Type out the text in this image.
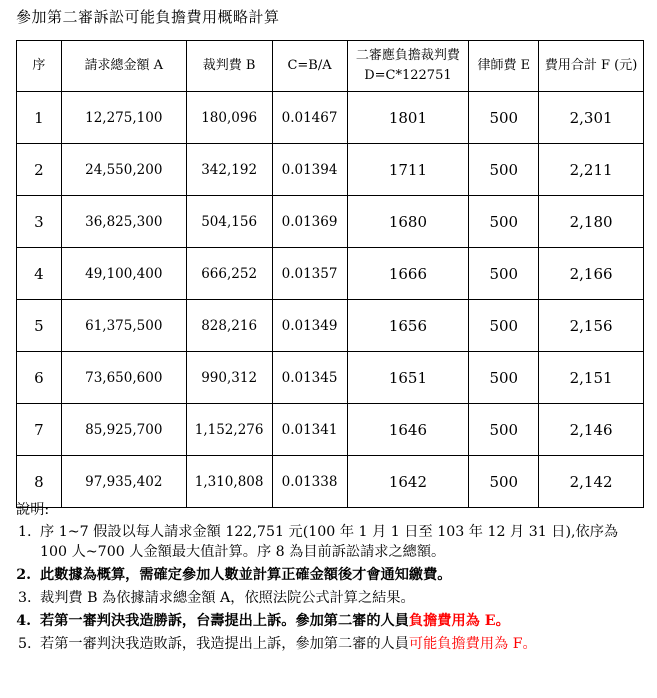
參加第二審訴訟可能負擔費用概略計算
序	請求總金額 A	裁判費 B	C=B/A	二審應負擔裁判費 D=C*122751	律師費 E	費用合計 F (元)
1	12,275,100	180,096	0.01467	1801	500	2,301
2	24,550,200	342,192	0.01394	1711	500	2,211
3	36,825,300	504,156	0.01369	1680	500	2,180
4	49,100,400	666,252	0.01357	1666	500	2,166
5	61,375,500	828,216	0.01349	1656	500	2,156
6	73,650,600	990,312	0.01345	1651	500	2,151
7	85,925,700	1,152,276	0.01341	1646	500	2,146
8	97,935,402	1,310,808	0.01338	1642	500	2,142
說明:
1. 序 1~7 假設以每人請求金額 122,751 元(100 年 1 月 1 日至 103 年 12 月 31 日),依序為 100 人~700 人金額最大值計算。序 8 為目前訴訟請求之總額。
2. 此數據為概算，需確定參加人數並計算正確金額後才會通知繳費。
3. 裁判費 B 為依據請求總金額 A，依照法院公式計算之結果。
4. 若第一審判決我造勝訴，台壽提出上訴。參加第二審的人員負擔費用為 E。
5. 若第一審判決我造敗訴，我造提出上訴，參加第二審的人員可能負擔費用為 F。
